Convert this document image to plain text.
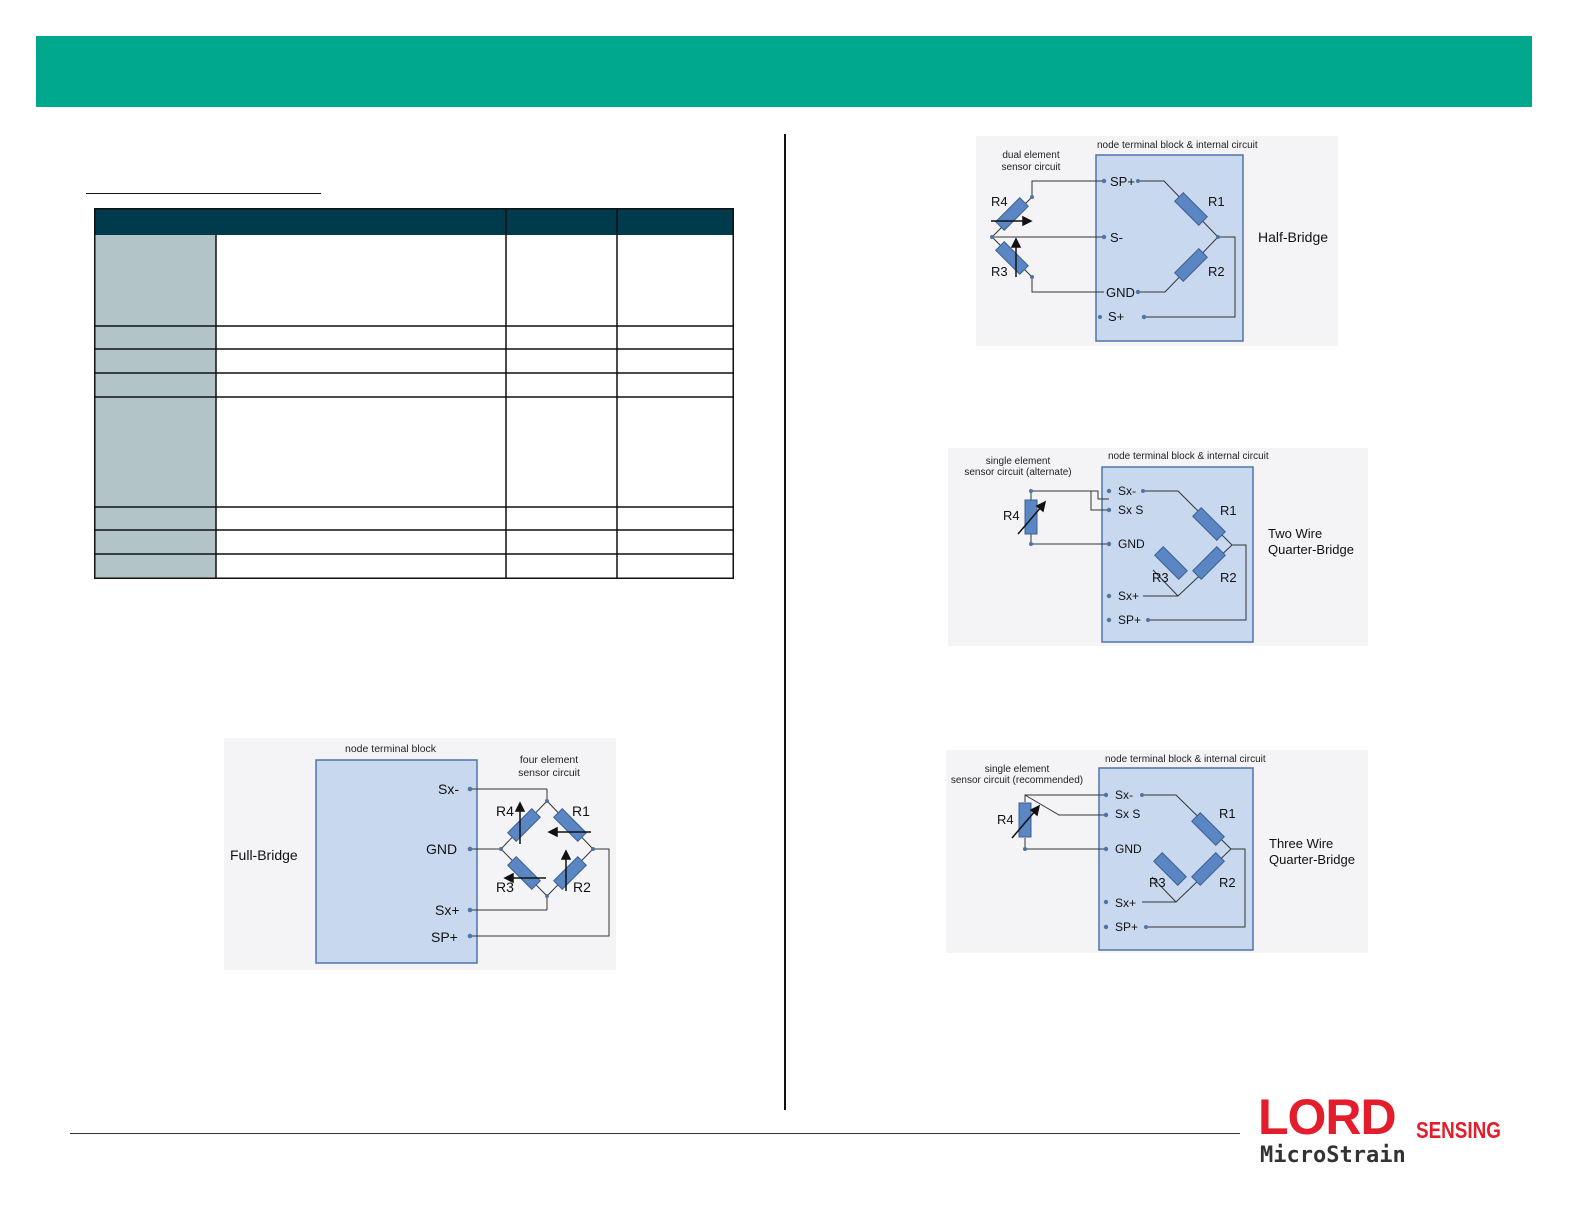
node terminal block
four element
sensor circuit
Full-Bridge
Sx-
GND
Sx+
SP+
R4	R1
R3	R2
node terminal block & internal circuit
dual element
sensor circuit
Half-Bridge
SP+
S-
GND
S+
R4
R3
R1
R2
node terminal block & internal circuit
single element
sensor circuit (alternate)
Two Wire
Quarter-Bridge
Sx-
Sx S
GND
Sx+
SP+
R4	R1
R2
R3
node terminal block & internal circuit
single element
sensor circuit (recommended)
Three Wire
Quarter-Bridge
Sx-
Sx S
GND
Sx+
SP+
R4	R1
R2
R3
LORD SENSING
MicroStrain
